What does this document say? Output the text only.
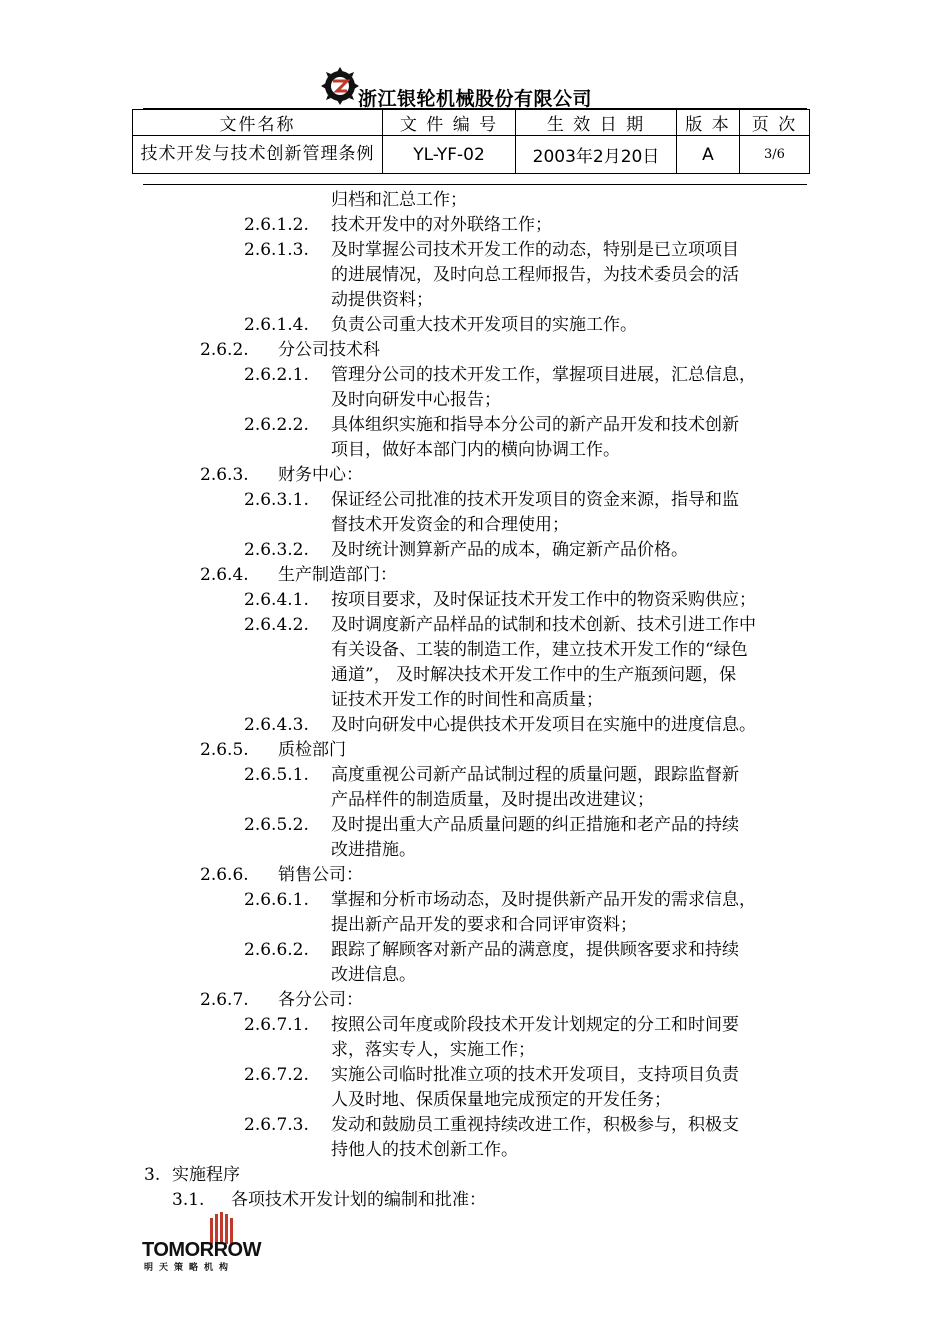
浙江银轮机械股份有限公司
文件名称	文 件 编 号	生 效 日 期	版 本	页 次

技术开发与技术创新管理条例	YL-YF-02	2003年2月20日	A	3/6
归档和汇总工作；
2.6.1.2. 技术开发中的对外联络工作；
2.6.1.3. 及时掌握公司技术开发工作的动态，特别是已立项项目
的进展情况，及时向总工程师报告，为技术委员会的活
动提供资料；
2.6.1.4. 负责公司重大技术开发项目的实施工作。
2.6.2. 分公司技术科
2.6.2.1. 管理分公司的技术开发工作，掌握项目进展，汇总信息，
及时向研发中心报告；
2.6.2.2. 具体组织实施和指导本分公司的新产品开发和技术创新
项目，做好本部门内的横向协调工作。
2.6.3. 财务中心：
2.6.3.1. 保证经公司批准的技术开发项目的资金来源，指导和监
督技术开发资金的和合理使用；
2.6.3.2. 及时统计测算新产品的成本，确定新产品价格。
2.6.4. 生产制造部门：
2.6.4.1. 按项目要求，及时保证技术开发工作中的物资采购供应；
2.6.4.2. 及时调度新产品样品的试制和技术创新、技术引进工作中
有关设备、工装的制造工作，建立技术开发工作的“绿色
通道”， 及时解决技术开发工作中的生产瓶颈问题，保
证技术开发工作的时间性和高质量；
2.6.4.3. 及时向研发中心提供技术开发项目在实施中的进度信息。
2.6.5. 质检部门
2.6.5.1. 高度重视公司新产品试制过程的质量问题，跟踪监督新
产品样件的制造质量，及时提出改进建议；
2.6.5.2. 及时提出重大产品质量问题的纠正措施和老产品的持续
改进措施。
2.6.6. 销售公司：
2.6.6.1. 掌握和分析市场动态，及时提供新产品开发的需求信息，
提出新产品开发的要求和合同评审资料；
2.6.6.2. 跟踪了解顾客对新产品的满意度，提供顾客要求和持续
改进信息。
2.6.7. 各分公司：
2.6.7.1. 按照公司年度或阶段技术开发计划规定的分工和时间要
求，落实专人，实施工作；
2.6.7.2. 实施公司临时批准立项的技术开发项目，支持项目负责
人及时地、保质保量地完成预定的开发任务；
2.6.7.3. 发动和鼓励员工重视持续改进工作，积极参与，积极支
持他人的技术创新工作。
3. 实施程序
3.1. 各项技术开发计划的编制和批准：
TOMORROW
明天策略机构
